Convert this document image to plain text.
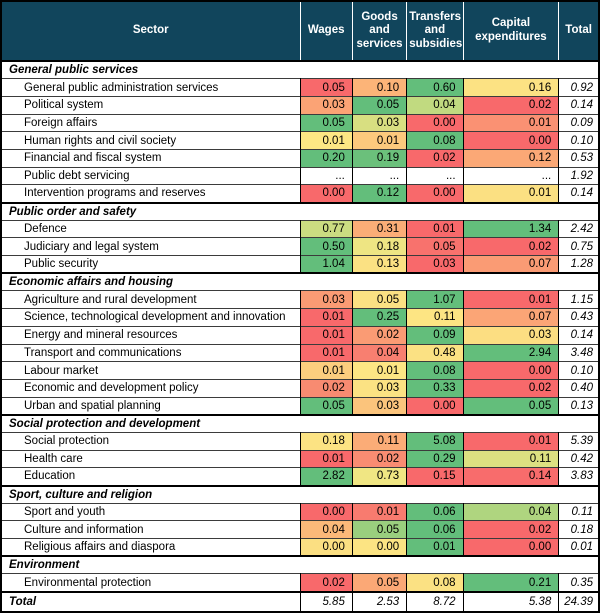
Sector	Wages	Goods and services	Transfers and subsidies	Capital expenditures	Total
General public services					
General public administration services	0.05	0.10	0.60	0.16	0.92
Political system	0.03	0.05	0.04	0.02	0.14
Foreign affairs	0.05	0.03	0.00	0.01	0.09
Human rights and civil society	0.01	0.01	0.08	0.00	0.10
Financial and fiscal system	0.20	0.19	0.02	0.12	0.53
Public debt servicing	...	...	...	...	1.92
Intervention programs and reserves	0.00	0.12	0.00	0.01	0.14
Public order and safety					
Defence	0.77	0.31	0.01	1.34	2.42
Judiciary and legal system	0.50	0.18	0.05	0.02	0.75
Public security	1.04	0.13	0.03	0.07	1.28
Economic affairs and housing					
Agriculture and rural development	0.03	0.05	1.07	0.01	1.15
Science, technological development and innovation	0.01	0.25	0.11	0.07	0.43
Energy and mineral resources	0.01	0.02	0.09	0.03	0.14
Transport and communications	0.01	0.04	0.48	2.94	3.48
Labour market	0.01	0.01	0.08	0.00	0.10
Economic and development policy	0.02	0.03	0.33	0.02	0.40
Urban and spatial planning	0.05	0.03	0.00	0.05	0.13
Social protection and development					
Social protection	0.18	0.11	5.08	0.01	5.39
Health care	0.01	0.02	0.29	0.11	0.42
Education	2.82	0.73	0.15	0.14	3.83
Sport, culture and religion					
Sport and youth	0.00	0.01	0.06	0.04	0.11
Culture and information	0.04	0.05	0.06	0.02	0.18
Religious affairs and diaspora	0.00	0.00	0.01	0.00	0.01
Environment					
Environmental protection	0.02	0.05	0.08	0.21	0.35
Total	5.85	2.53	8.72	5.38	24.39
